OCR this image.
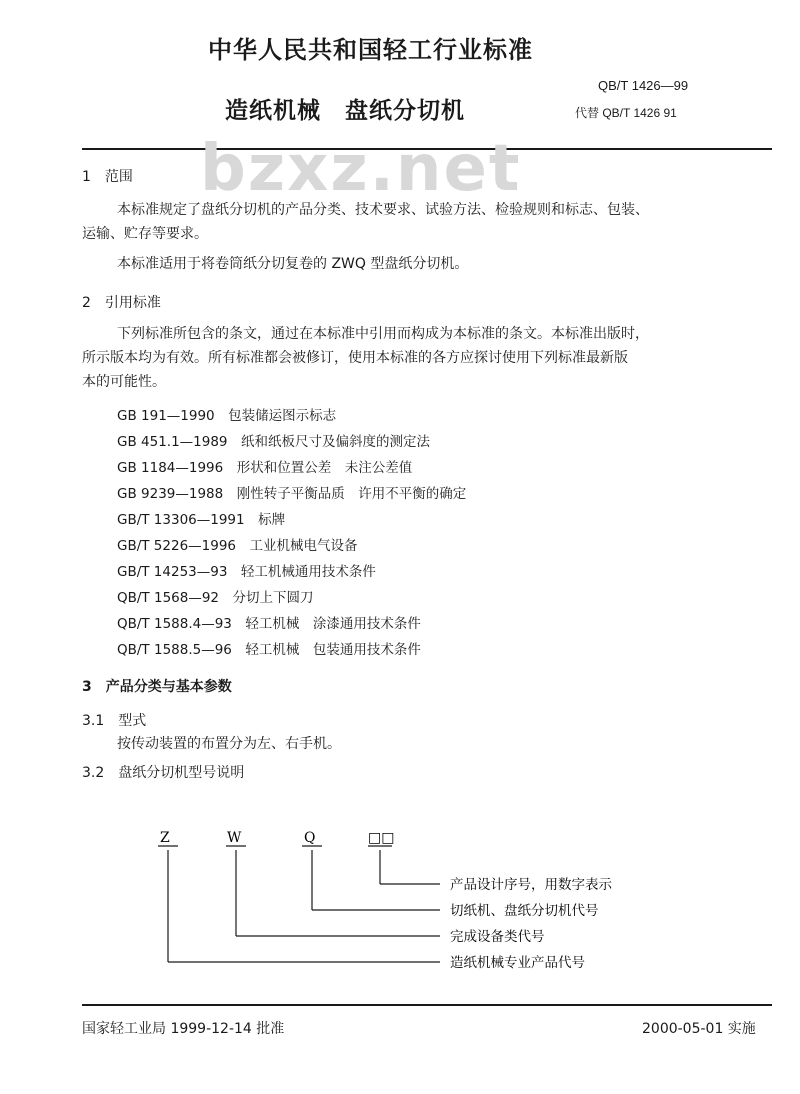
中华人民共和国轻工行业标准
造纸机械　盘纸分切机
QB/T 1426—99
代替 QB/T 1426 91
bzxz.net
1　范围
本标准规定了盘纸分切机的产品分类、技术要求、试验方法、检验规则和标志、包装、
运输、贮存等要求。
本标准适用于将卷筒纸分切复卷的 ZWQ 型盘纸分切机。
2　引用标准
下列标准所包含的条文，通过在本标准中引用而构成为本标准的条文。本标准出版时，
所示版本均为有效。所有标准都会被修订，使用本标准的各方应探讨使用下列标准最新版
本的可能性。
GB 191—1990　包装储运图示标志
GB 451.1—1989　纸和纸板尺寸及偏斜度的测定法
GB 1184—1996　形状和位置公差　未注公差值
GB 9239—1988　刚性转子平衡品质　许用不平衡的确定
GB/T 13306—1991　标牌
GB/T 5226—1996　工业机械电气设备
GB/T 14253—93　轻工机械通用技术条件
QB/T 1568—92　分切上下圆刀
QB/T 1588.4—93　轻工机械　涂漆通用技术条件
QB/T 1588.5—96　轻工机械　包装通用技术条件
3　产品分类与基本参数
3.1　型式
按传动装置的布置分为左、右手机。
3.2　盘纸分切机型号说明
Z	W	Q	□□
产品设计序号，用数字表示
切纸机、盘纸分切机代号
完成设备类代号
造纸机械专业产品代号
国家轻工业局 1999-12-14 批准	2000-05-01 实施
